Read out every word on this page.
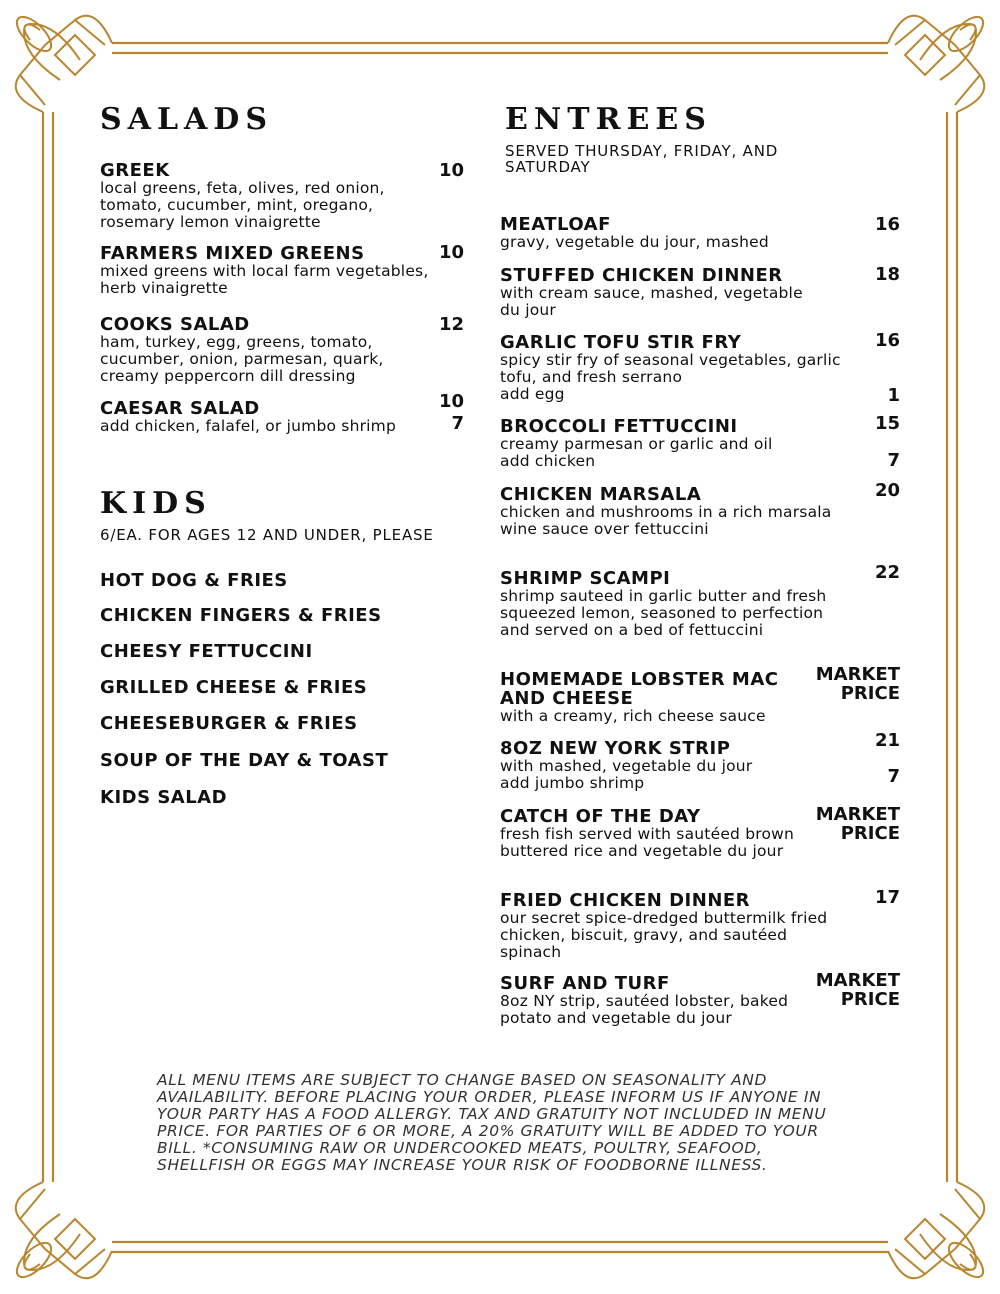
SALADS
GREEK
local greens, feta, olives, red onion, tomato, cucumber, mint, oregano, rosemary lemon vinaigrette
10
FARMERS MIXED GREENS
mixed greens with local farm vegetables, herb vinaigrette
10
COOKS SALAD
ham, turkey, egg, greens, tomato, cucumber, onion, parmesan, quark, creamy peppercorn dill dressing
12
CAESAR SALAD
add chicken, falafel, or jumbo shrimp
10
7
KIDS

6/EA. FOR AGES 12 AND UNDER, PLEASE

HOT DOG & FRIES
CHICKEN FINGERS & FRIES
CHEESY FETTUCCINI
GRILLED CHEESE & FRIES
CHEESEBURGER & FRIES
SOUP OF THE DAY & TOAST
KIDS SALAD
ENTREES

SERVED THURSDAY, FRIDAY, AND SATURDAY

MEATLOAF
gravy, vegetable du jour, mashed
16
STUFFED CHICKEN DINNER
with cream sauce, mashed, vegetable du jour
18
GARLIC TOFU STIR FRY
spicy stir fry of seasonal vegetables, garlic tofu, and fresh serrano
add egg
16
1
BROCCOLI FETTUCCINI
creamy parmesan or garlic and oil
add chicken
15
7
CHICKEN MARSALA
chicken and mushrooms in a rich marsala wine sauce over fettuccini
20
SHRIMP SCAMPI
shrimp sauteed in garlic butter and fresh squeezed lemon, seasoned to perfection and served on a bed of fettuccini
22
HOMEMADE LOBSTER MAC AND CHEESE
with a creamy, rich cheese sauce
MARKET PRICE
8OZ NEW YORK STRIP
with mashed, vegetable du jour
add jumbo shrimp
21
7
CATCH OF THE DAY
fresh fish served with sautéed brown buttered rice and vegetable du jour
MARKET PRICE
FRIED CHICKEN DINNER
our secret spice-dredged buttermilk fried chicken, biscuit, gravy, and sautéed spinach
17
SURF AND TURF
8oz NY strip, sautéed lobster, baked potato and vegetable du jour
MARKET PRICE

ALL MENU ITEMS ARE SUBJECT TO CHANGE BASED ON SEASONALITY AND AVAILABILITY. BEFORE PLACING YOUR ORDER, PLEASE INFORM US IF ANYONE IN YOUR PARTY HAS A FOOD ALLERGY. TAX AND GRATUITY NOT INCLUDED IN MENU PRICE. FOR PARTIES OF 6 OR MORE, A 20% GRATUITY WILL BE ADDED TO YOUR BILL. *CONSUMING RAW OR UNDERCOOKED MEATS, POULTRY, SEAFOOD, SHELLFISH OR EGGS MAY INCREASE YOUR RISK OF FOODBORNE ILLNESS.
